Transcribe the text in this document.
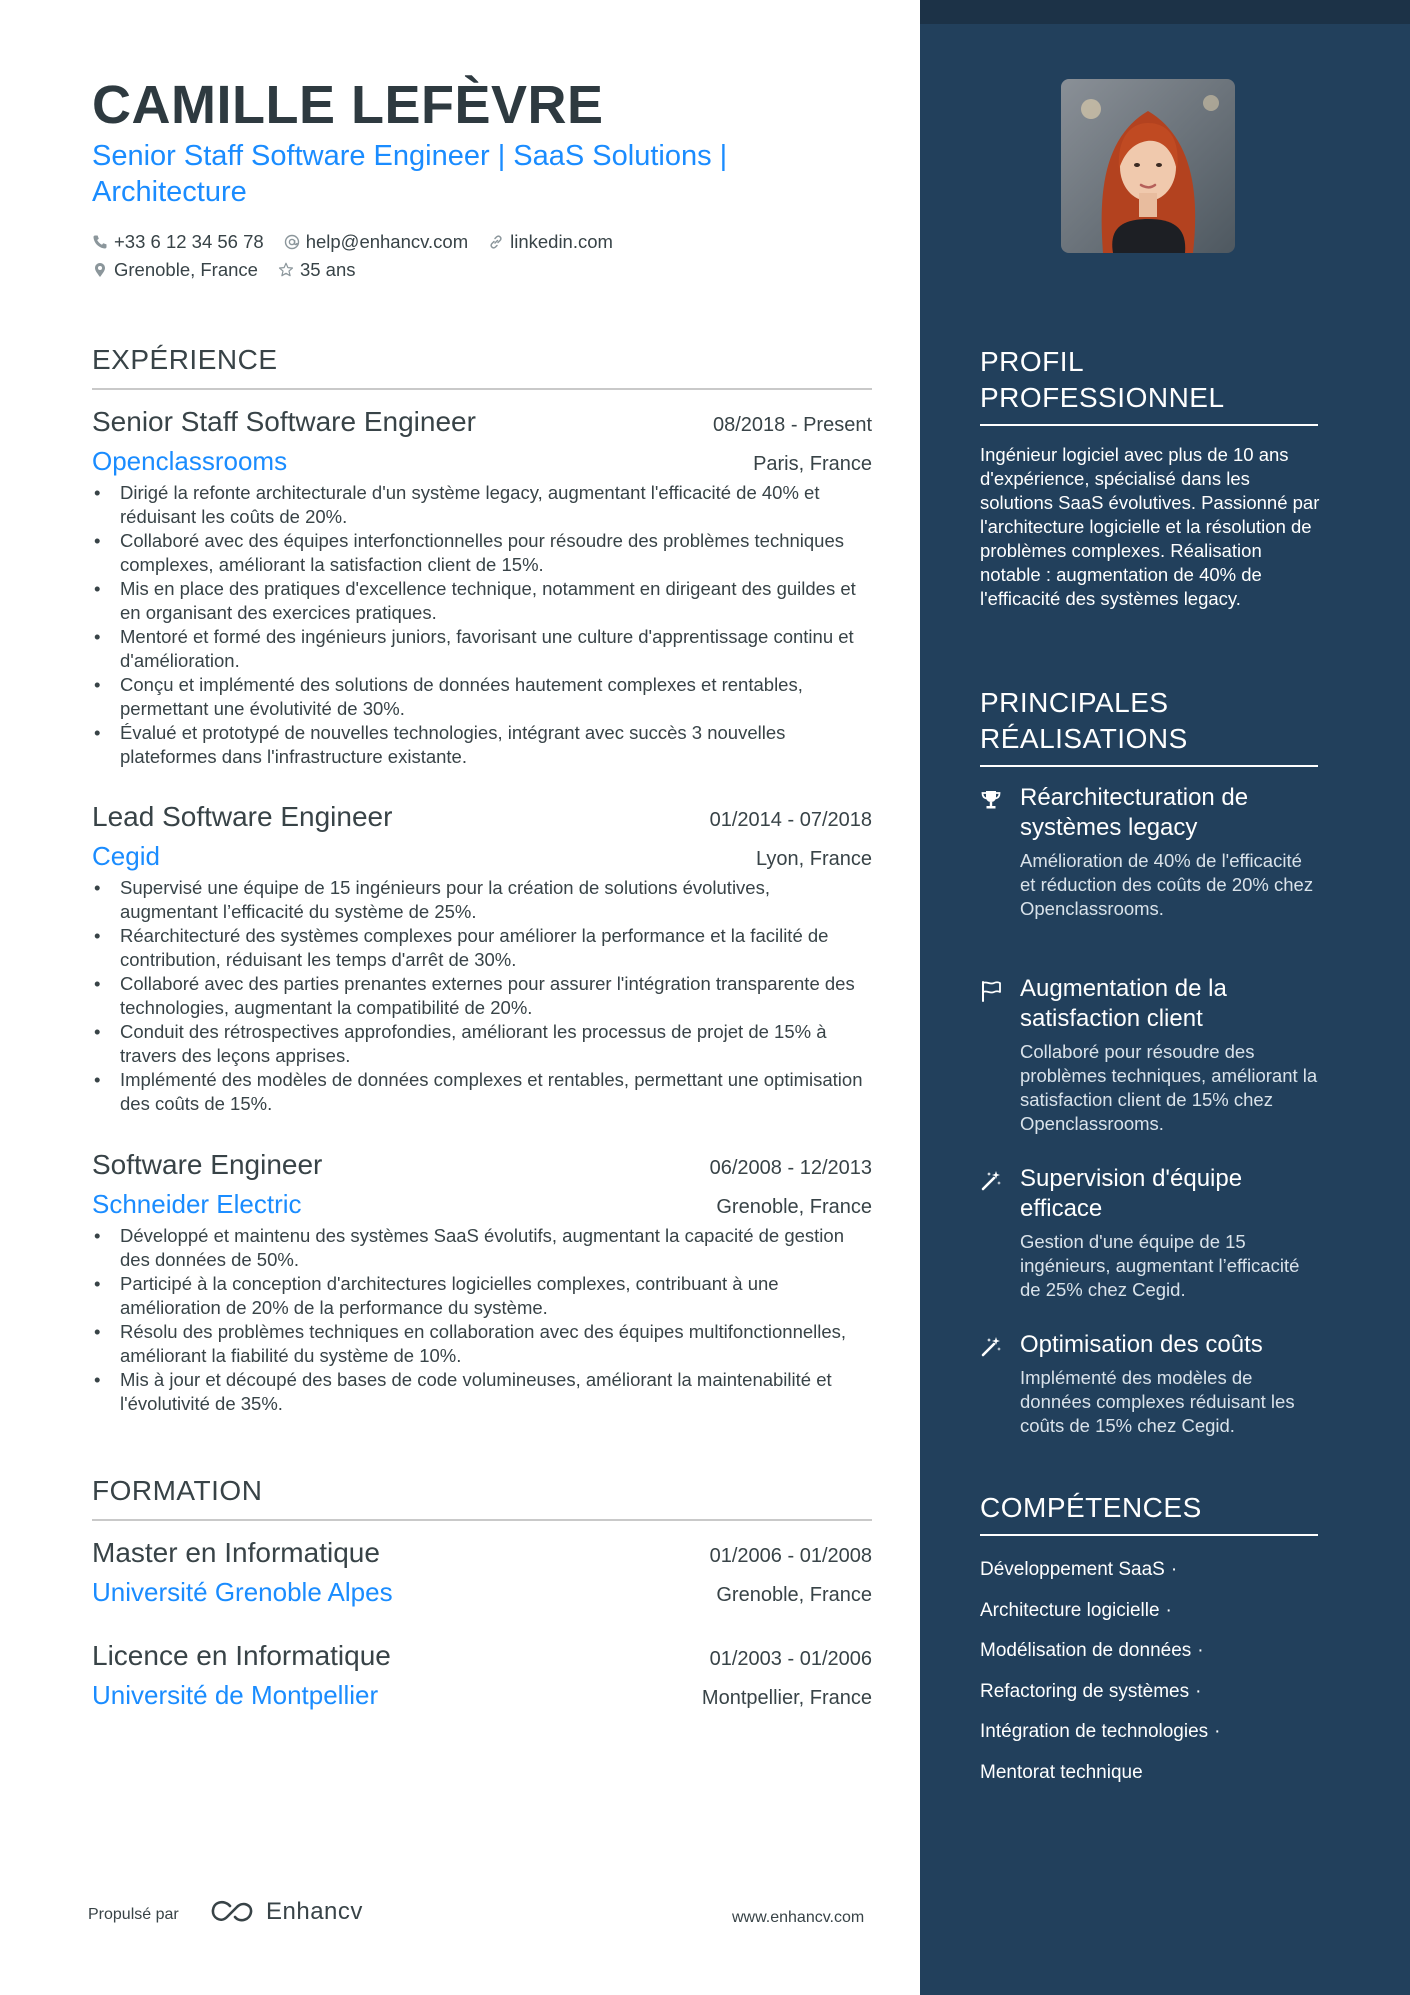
CAMILLE LEFÈVRE

Senior Staff Software Engineer | SaaS Solutions | Architecture

+33 6 12 34 56 78 help@enhancv.com linkedin.com
Grenoble, France 35 ans
EXPÉRIENCE
Senior Staff Software Engineer	08/2018 - Present
Openclassrooms	Paris, France
• Dirigé la refonte architecturale d'un système legacy, augmentant l'efficacité de 40% et réduisant les coûts de 20%.
• Collaboré avec des équipes interfonctionnelles pour résoudre des problèmes techniques complexes, améliorant la satisfaction client de 15%.
• Mis en place des pratiques d'excellence technique, notamment en dirigeant des guildes et en organisant des exercices pratiques.
• Mentoré et formé des ingénieurs juniors, favorisant une culture d'apprentissage continu et d'amélioration.
• Conçu et implémenté des solutions de données hautement complexes et rentables, permettant une évolutivité de 30%.
• Évalué et prototypé de nouvelles technologies, intégrant avec succès 3 nouvelles plateformes dans l'infrastructure existante.
Lead Software Engineer	01/2014 - 07/2018
Cegid	Lyon, France
• Supervisé une équipe de 15 ingénieurs pour la création de solutions évolutives, augmentant l’efficacité du système de 25%.
• Réarchitecturé des systèmes complexes pour améliorer la performance et la facilité de contribution, réduisant les temps d'arrêt de 30%.
• Collaboré avec des parties prenantes externes pour assurer l'intégration transparente des technologies, augmentant la compatibilité de 20%.
• Conduit des rétrospectives approfondies, améliorant les processus de projet de 15% à travers des leçons apprises.
• Implémenté des modèles de données complexes et rentables, permettant une optimisation des coûts de 15%.
Software Engineer	06/2008 - 12/2013
Schneider Electric	Grenoble, France
• Développé et maintenu des systèmes SaaS évolutifs, augmentant la capacité de gestion des données de 50%.
• Participé à la conception d'architectures logicielles complexes, contribuant à une amélioration de 20% de la performance du système.
• Résolu des problèmes techniques en collaboration avec des équipes multifonctionnelles, améliorant la fiabilité du système de 10%.
• Mis à jour et découpé des bases de code volumineuses, améliorant la maintenabilité et l'évolutivité de 35%.
FORMATION
Master en Informatique	01/2006 - 01/2008
Université Grenoble Alpes	Grenoble, France
Licence en Informatique	01/2003 - 01/2006
Université de Montpellier	Montpellier, France
Propulsé par	Enhancv	www.enhancv.com
PROFIL PROFESSIONNEL

Ingénieur logiciel avec plus de 10 ans d'expérience, spécialisé dans les solutions SaaS évolutives. Passionné par l'architecture logicielle et la résolution de problèmes complexes. Réalisation notable : augmentation de 40% de l'efficacité des systèmes legacy.

PRINCIPALES RÉALISATIONS
Réarchitecturation de systèmes legacy
Amélioration de 40% de l'efficacité et réduction des coûts de 20% chez Openclassrooms.
Augmentation de la satisfaction client
Collaboré pour résoudre des problèmes techniques, améliorant la satisfaction client de 15% chez Openclassrooms.
Supervision d'équipe efficace
Gestion d'une équipe de 15 ingénieurs, augmentant l’efficacité de 25% chez Cegid.
Optimisation des coûts
Implémenté des modèles de données complexes réduisant les coûts de 15% chez Cegid.
COMPÉTENCES
Développement SaaS ·
Architecture logicielle ·
Modélisation de données ·
Refactoring de systèmes ·
Intégration de technologies ·
Mentorat technique
